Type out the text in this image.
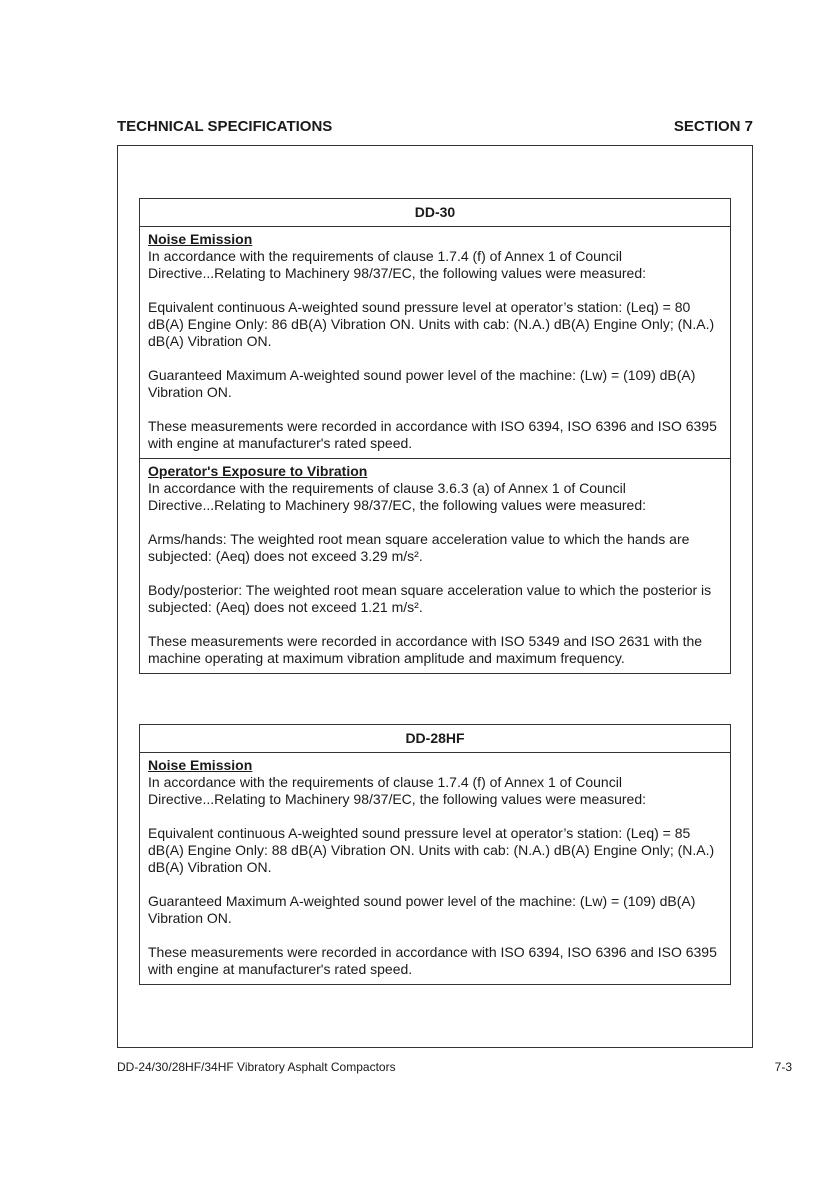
TECHNICAL SPECIFICATIONS	SECTION 7
DD-30
Noise Emission

In accordance with the requirements of clause 1.7.4 (f) of Annex 1 of Council Directive...Relating to Machinery 98/37/EC, the following values were measured:

Equivalent continuous A-weighted sound pressure level at operator’s station: (Leq) = 80 dB(A) Engine Only: 86 dB(A) Vibration ON. Units with cab: (N.A.) dB(A) Engine Only; (N.A.) dB(A) Vibration ON.

Guaranteed Maximum A-weighted sound power level of the machine: (Lw) = (109) dB(A) Vibration ON.

These measurements were recorded in accordance with ISO 6394, ISO 6396 and ISO 6395 with engine at manufacturer's rated speed.

Operator's Exposure to Vibration

In accordance with the requirements of clause 3.6.3 (a) of Annex 1 of Council Directive...Relating to Machinery 98/37/EC, the following values were measured:

Arms/hands: The weighted root mean square acceleration value to which the hands are subjected: (Aeq) does not exceed 3.29 m/s².

Body/posterior: The weighted root mean square acceleration value to which the posterior is subjected: (Aeq) does not exceed 1.21 m/s².

These measurements were recorded in accordance with ISO 5349 and ISO 2631 with the machine operating at maximum vibration amplitude and maximum frequency.

DD-28HF
Noise Emission

In accordance with the requirements of clause 1.7.4 (f) of Annex 1 of Council Directive...Relating to Machinery 98/37/EC, the following values were measured:

Equivalent continuous A-weighted sound pressure level at operator’s station: (Leq) = 85 dB(A) Engine Only: 88 dB(A) Vibration ON. Units with cab: (N.A.) dB(A) Engine Only; (N.A.) dB(A) Vibration ON.

Guaranteed Maximum A-weighted sound power level of the machine: (Lw) = (109) dB(A) Vibration ON.

These measurements were recorded in accordance with ISO 6394, ISO 6396 and ISO 6395 with engine at manufacturer's rated speed.

DD-24/30/28HF/34HF Vibratory Asphalt Compactors	7-3
